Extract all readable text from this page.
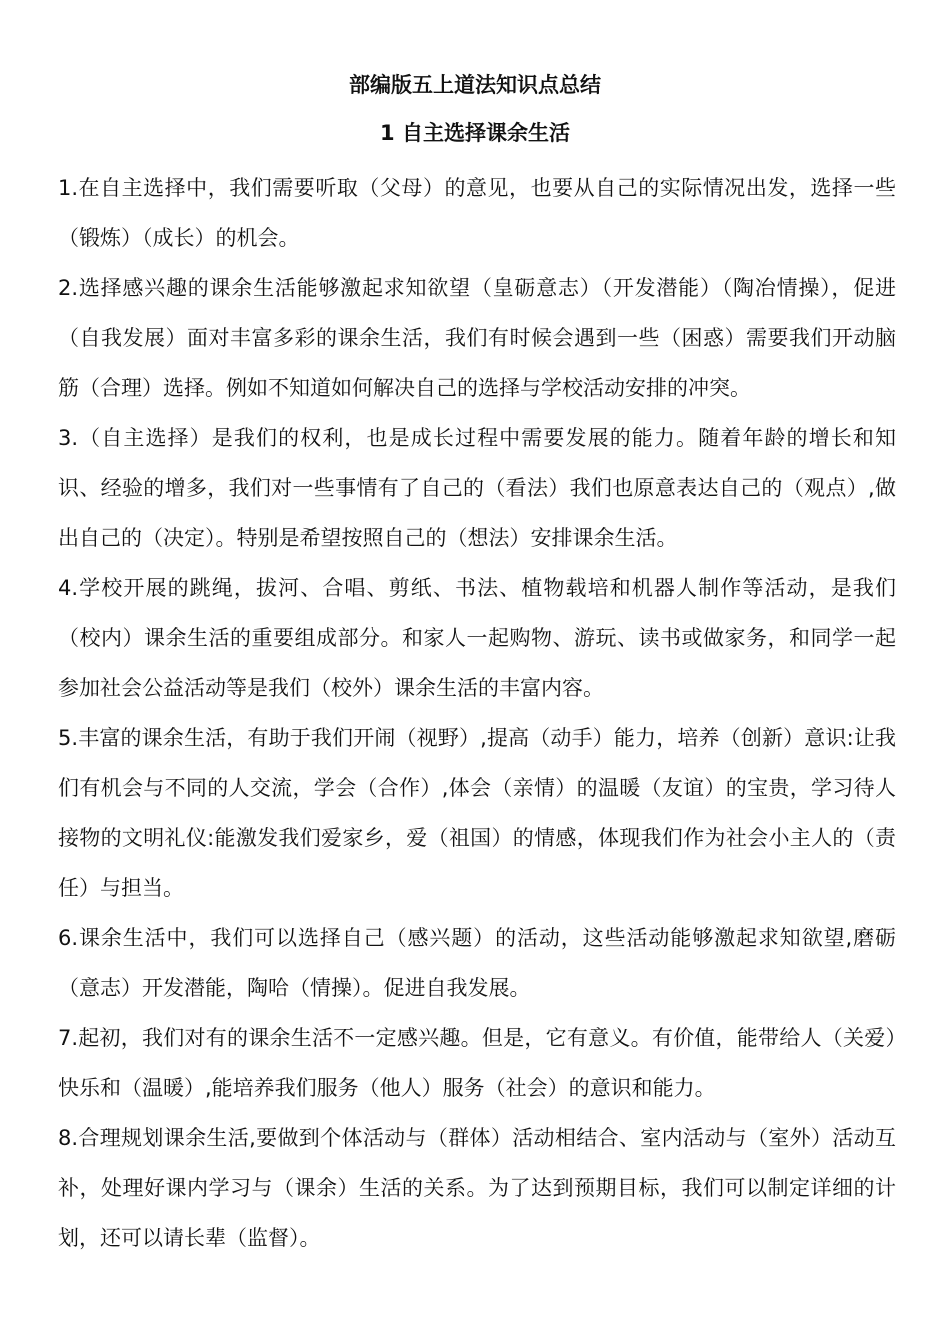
部编版五上道法知识点总结
1 自主选择课余生活

1.在自主选择中，我们需要听取（父母）的意见，也要从自己的实际情况出发，选择一些（锻炼）（成长）的机会。

2.选择感兴趣的课余生活能够激起求知欲望（皇砺意志）（开发潜能）（陶冶情操），促进（自我发展）面对丰富多彩的课余生活，我们有时候会遇到一些（困惑）需要我们开动脑筋（合理）选择。例如不知道如何解决自己的选择与学校活动安排的冲突。

3.（自主选择）是我们的权利，也是成长过程中需要发展的能力。随着年龄的增长和知识、经验的增多，我们对一些事情有了自己的（看法）我们也原意表达自己的（观点）,做出自己的（决定）。特别是希望按照自己的（想法）安排课余生活。

4.学校开展的跳绳，拔河、合唱、剪纸、书法、植物载培和机器人制作等活动，是我们（校内）课余生活的重要组成部分。和家人一起购物、游玩、读书或做家务，和同学一起参加社会公益活动等是我们（校外）课余生活的丰富内容。

5.丰富的课余生活，有助于我们开闹（视野）,提高（动手）能力，培养（创新）意识:让我们有机会与不同的人交流，学会（合作）,体会（亲情）的温暖（友谊）的宝贵，学习待人接物的文明礼仪:能激发我们爱家乡，爱（祖国）的情感，体现我们作为社会小主人的（责任）与担当。

6.课余生活中，我们可以选择自己（感兴题）的活动，这些活动能够激起求知欲望,磨砺（意志）开发潜能，陶哈（情操）。促进自我发展。

7.起初，我们对有的课余生活不一定感兴趣。但是，它有意义。有价值，能带给人（关爱）快乐和（温暖）,能培养我们服务（他人）服务（社会）的意识和能力。

8.合理规划课余生活,要做到个体活动与（群体）活动相结合、室内活动与（室外）活动互补，处理好课内学习与（课余）生活的关系。为了达到预期目标，我们可以制定详细的计划，还可以请长辈（监督）。
